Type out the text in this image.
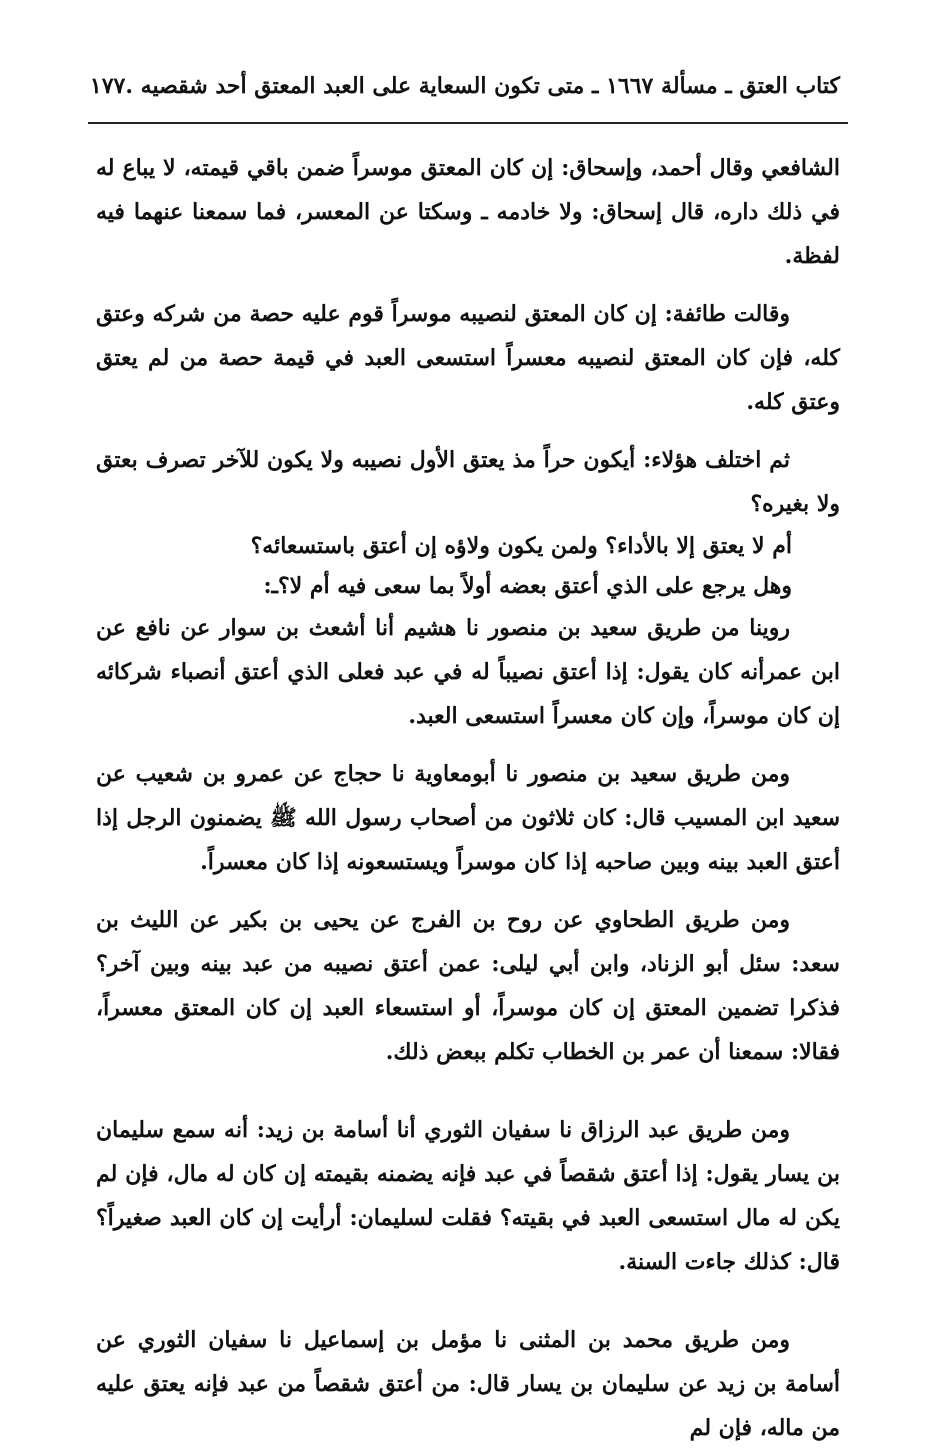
كتاب العتق ـ مسألة ١٦٦٧ ـ متى تكون السعاية على العبد المعتق أحد شقصيه .
١٧٧

الشافعي وقال أحمد، وإسحاق: إن كان المعتق موسراً ضمن باقي قيمته، لا يباع له في ذلك داره، قال إسحاق: ولا خادمه ـ وسكتا عن المعسر، فما سمعنا عنهما فيه لفظة.

وقالت طائفة: إن كان المعتق لنصيبه موسراً قوم عليه حصة من شركه وعتق كله، فإن كان المعتق لنصيبه معسراً استسعى العبد في قيمة حصة من لم يعتق وعتق كله.

ثم اختلف هؤلاء: أيكون حراً مذ يعتق الأول نصيبه ولا يكون للآخر تصرف بعتق ولا بغيره؟

أم لا يعتق إلا بالأداء؟ ولمن يكون ولاؤه إن أعتق باستسعائه؟

وهل يرجع على الذي أعتق بعضه أولاً بما سعى فيه أم لا؟ـ:

روينا من طريق سعيد بن منصور نا هشيم أنا أشعث بن سوار عن نافع عن ابن عمرأنه كان يقول: إذا أعتق نصيباً له في عبد فعلى الذي أعتق أنصباء شركائه إن كان موسراً، وإن كان معسراً استسعى العبد.

ومن طريق سعيد بن منصور نا أبومعاوية نا حجاج عن عمرو بن شعيب عن سعيد ابن المسيب قال: كان ثلاثون من أصحاب رسول الله ﷺ يضمنون الرجل إذا أعتق العبد بينه وبين صاحبه إذا كان موسراً ويستسعونه إذا كان معسراً.

ومن طريق الطحاوي عن روح بن الفرج عن يحيى بن بكير عن الليث بن سعد: سئل أبو الزناد، وابن أبي ليلى: عمن أعتق نصيبه من عبد بينه وبين آخر؟ فذكرا تضمين المعتق إن كان موسراً، أو استسعاء العبد إن كان المعتق معسراً، فقالا: سمعنا أن عمر بن الخطاب تكلم ببعض ذلك.

ومن طريق عبد الرزاق نا سفيان الثوري أنا أسامة بن زيد: أنه سمع سليمان بن يسار يقول: إذا أعتق شقصاً في عبد فإنه يضمنه بقيمته إن كان له مال، فإن لم يكن له مال استسعى العبد في بقيته؟ فقلت لسليمان: أرأيت إن كان العبد صغيراً؟ قال: كذلك جاءت السنة.

ومن طريق محمد بن المثنى نا مؤمل بن إسماعيل نا سفيان الثوري عن أسامة بن زيد عن سليمان بن يسار قال: من أعتق شقصاً من عبد فإنه يعتق عليه من ماله، فإن لم
